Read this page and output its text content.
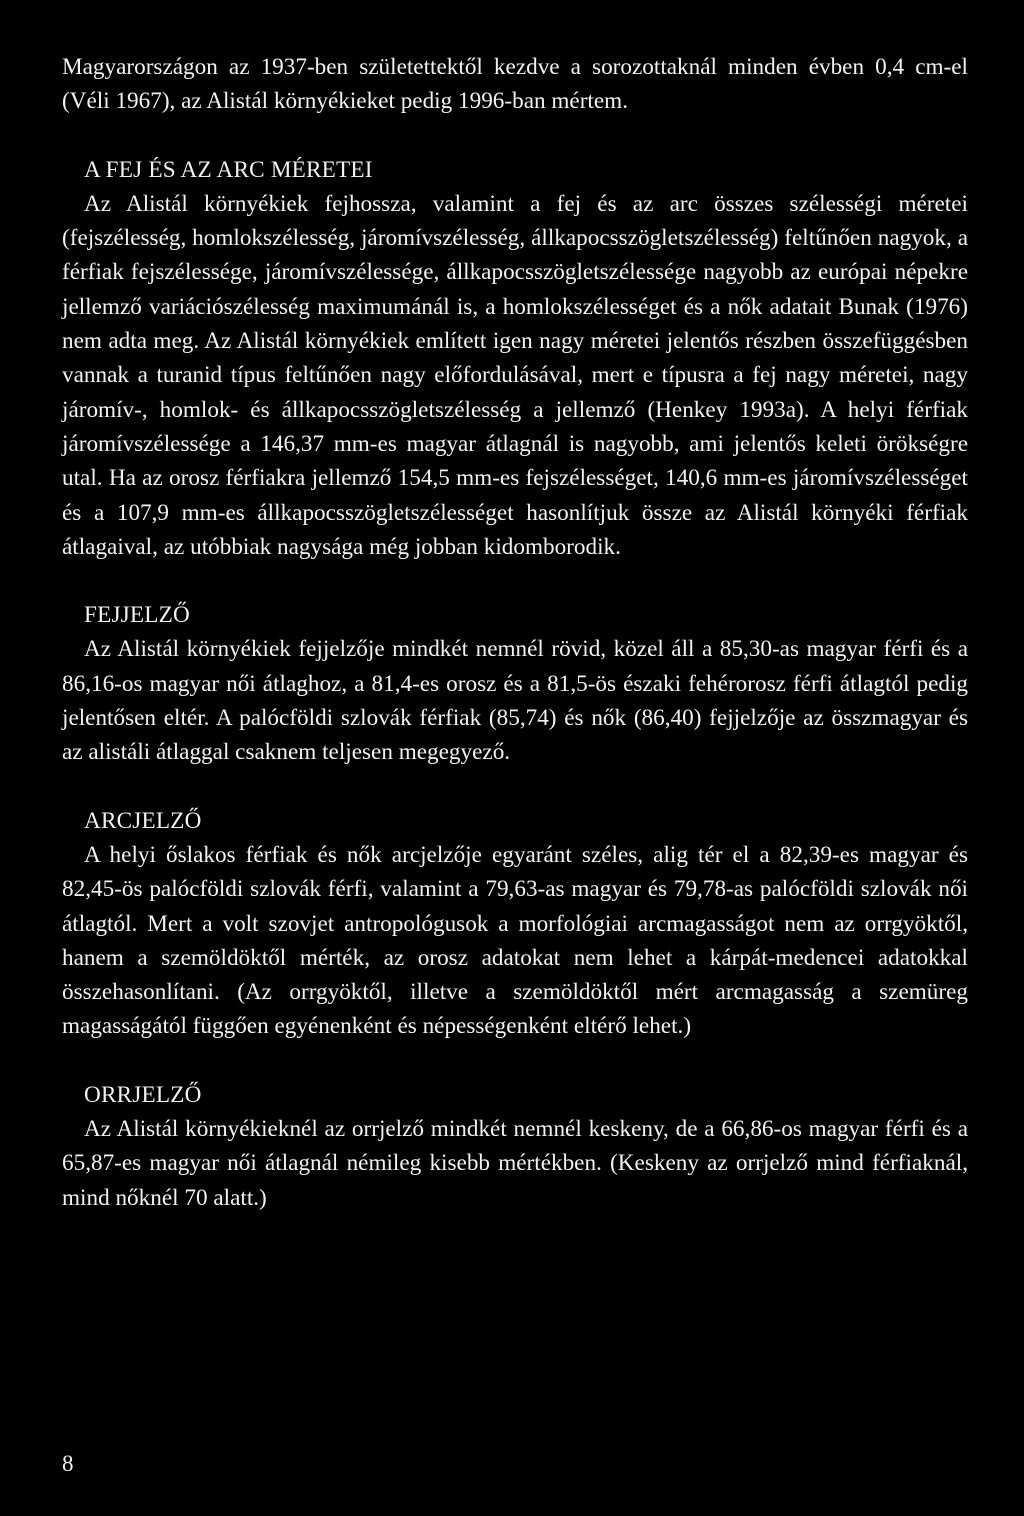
Magyarországon az 1937-ben születettektől kezdve a sorozottaknál minden évben 0,4 cm-el (Véli 1967), az Alistál környékieket pedig 1996-ban mértem.

A FEJ ÉS AZ ARC MÉRETEI

Az Alistál környékiek fejhossza, valamint a fej és az arc összes szélességi méretei (fejszélesség, homlokszélesség, járomívszélesség, állkapocsszögletszélesség) feltűnően nagyok, a férfiak fejszélessége, járomívszélessége, állkapocsszögletszélessége nagyobb az európai népekre jellemző variációszélesség maximumánál is, a homlokszélességet és a nők adatait Bunak (1976) nem adta meg. Az Alistál környékiek említett igen nagy méretei jelentős részben összefüggésben vannak a turanid típus feltűnően nagy előfordulásával, mert e típusra a fej nagy méretei, nagy járomív-, homlok- és állkapocsszögletszélesség a jellemző (Henkey 1993a). A helyi férfiak járomívszélessége a 146,37 mm-es magyar átlagnál is nagyobb, ami jelentős keleti örökségre utal. Ha az orosz férfiakra jellemző 154,5 mm-es fejszélességet, 140,6 mm-es járomívszélességet és a 107,9 mm-es állkapocsszögletszélességet hasonlítjuk össze az Alistál környéki férfiak átlagaival, az utóbbiak nagysága még jobban kidomborodik.

FEJJELZŐ

Az Alistál környékiek fejjelzője mindkét nemnél rövid, közel áll a 85,30-as magyar férfi és a 86,16-os magyar női átlaghoz, a 81,4-es orosz és a 81,5-ös északi fehérorosz férfi átlagtól pedig jelentősen eltér. A palócföldi szlovák férfiak (85,74) és nők (86,40) fejjelzője az összmagyar és az alistáli átlaggal csaknem teljesen megegyező.

ARCJELZŐ

A helyi őslakos férfiak és nők arcjelzője egyaránt széles, alig tér el a 82,39-es magyar és 82,45-ös palócföldi szlovák férfi, valamint a 79,63-as magyar és 79,78-as palócföldi szlovák női átlagtól. Mert a volt szovjet antropológusok a morfológiai arcmagasságot nem az orrgyöktől, hanem a szemöldöktől mérték, az orosz adatokat nem lehet a kárpát-medencei adatokkal összehasonlítani. (Az orrgyöktől, illetve a szemöldöktől mért arcmagasság a szemüreg magasságától függően egyénenként és népességenként eltérő lehet.)

ORRJELZŐ

Az Alistál környékieknél az orrjelző mindkét nemnél keskeny, de a 66,86-os magyar férfi és a 65,87-es magyar női átlagnál némileg kisebb mértékben. (Keskeny az orrjelző mind férfiaknál, mind nőknél 70 alatt.)

8
